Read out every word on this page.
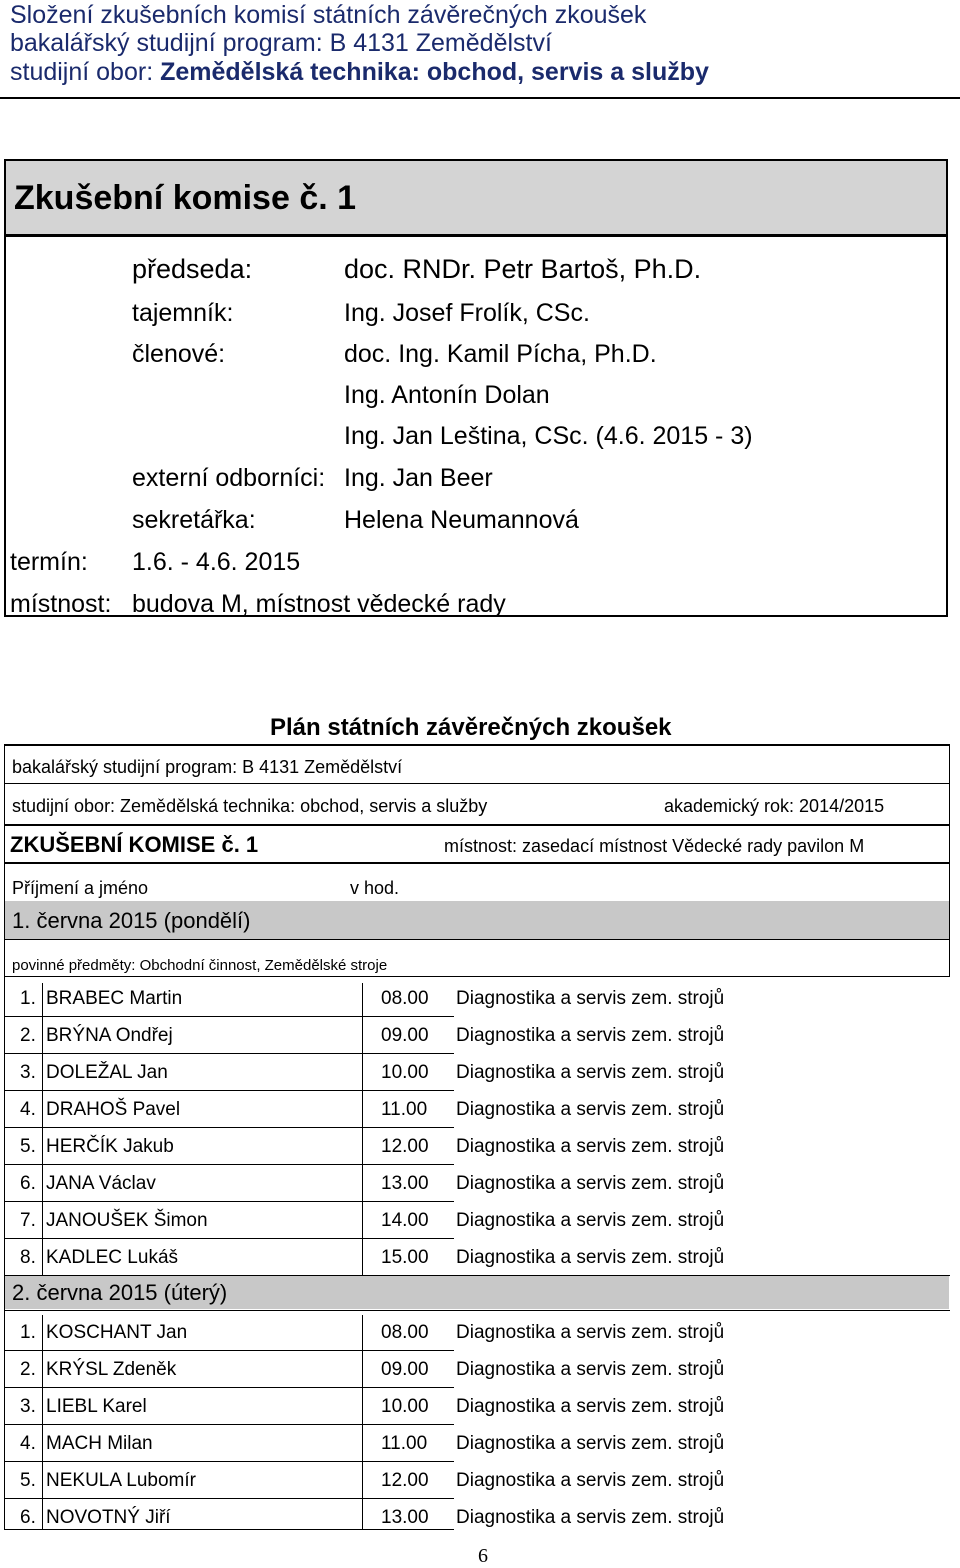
Složení zkušebních komisí státních závěrečných zkoušek
bakalářský studijní program: B 4131 Zemědělství
studijní obor: Zemědělská technika: obchod, servis a služby
Zkušební komise č. 1
předseda:	doc. RNDr. Petr Bartoš, Ph.D.
tajemník:	Ing. Josef Frolík, CSc.
členové:	doc. Ing. Kamil Pícha, Ph.D.
Ing. Antonín Dolan
Ing. Jan Leština, CSc. (4.6. 2015 - 3)
externí odborníci: Ing. Jan Beer
sekretářka:	Helena Neumannová
termín: 1.6. - 4.6. 2015
místnost: budova M, místnost vědecké rady
Plán státních závěrečných zkoušek
bakalářský studijní program: B 4131 Zemědělství
studijní obor: Zemědělská technika: obchod, servis a služby	akademický rok: 2014/2015
ZKUŠEBNÍ KOMISE č. 1	místnost: zasedací místnost Vědecké rady pavilon M
Příjmení a jméno	v hod.
1. června 2015 (pondělí)
povinné předměty: Obchodní činnost, Zemědělské stroje
1. BRABEC Martin	08.00 Diagnostika a servis zem. strojů
2. BRÝNA Ondřej	09.00 Diagnostika a servis zem. strojů
3. DOLEŽAL Jan	10.00 Diagnostika a servis zem. strojů
4. DRAHOŠ Pavel	11.00 Diagnostika a servis zem. strojů
5. HERČÍK Jakub	12.00 Diagnostika a servis zem. strojů
6. JANA Václav	13.00 Diagnostika a servis zem. strojů
7. JANOUŠEK Šimon	14.00 Diagnostika a servis zem. strojů
8. KADLEC Lukáš	15.00 Diagnostika a servis zem. strojů
2. června 2015 (úterý)
1. KOSCHANT Jan	08.00 Diagnostika a servis zem. strojů
2. KRÝSL Zdeněk	09.00 Diagnostika a servis zem. strojů
3. LIEBL Karel	10.00 Diagnostika a servis zem. strojů
4. MACH Milan	11.00 Diagnostika a servis zem. strojů
5. NEKULA Lubomír	12.00 Diagnostika a servis zem. strojů
6. NOVOTNÝ Jiří	13.00 Diagnostika a servis zem. strojů
6
